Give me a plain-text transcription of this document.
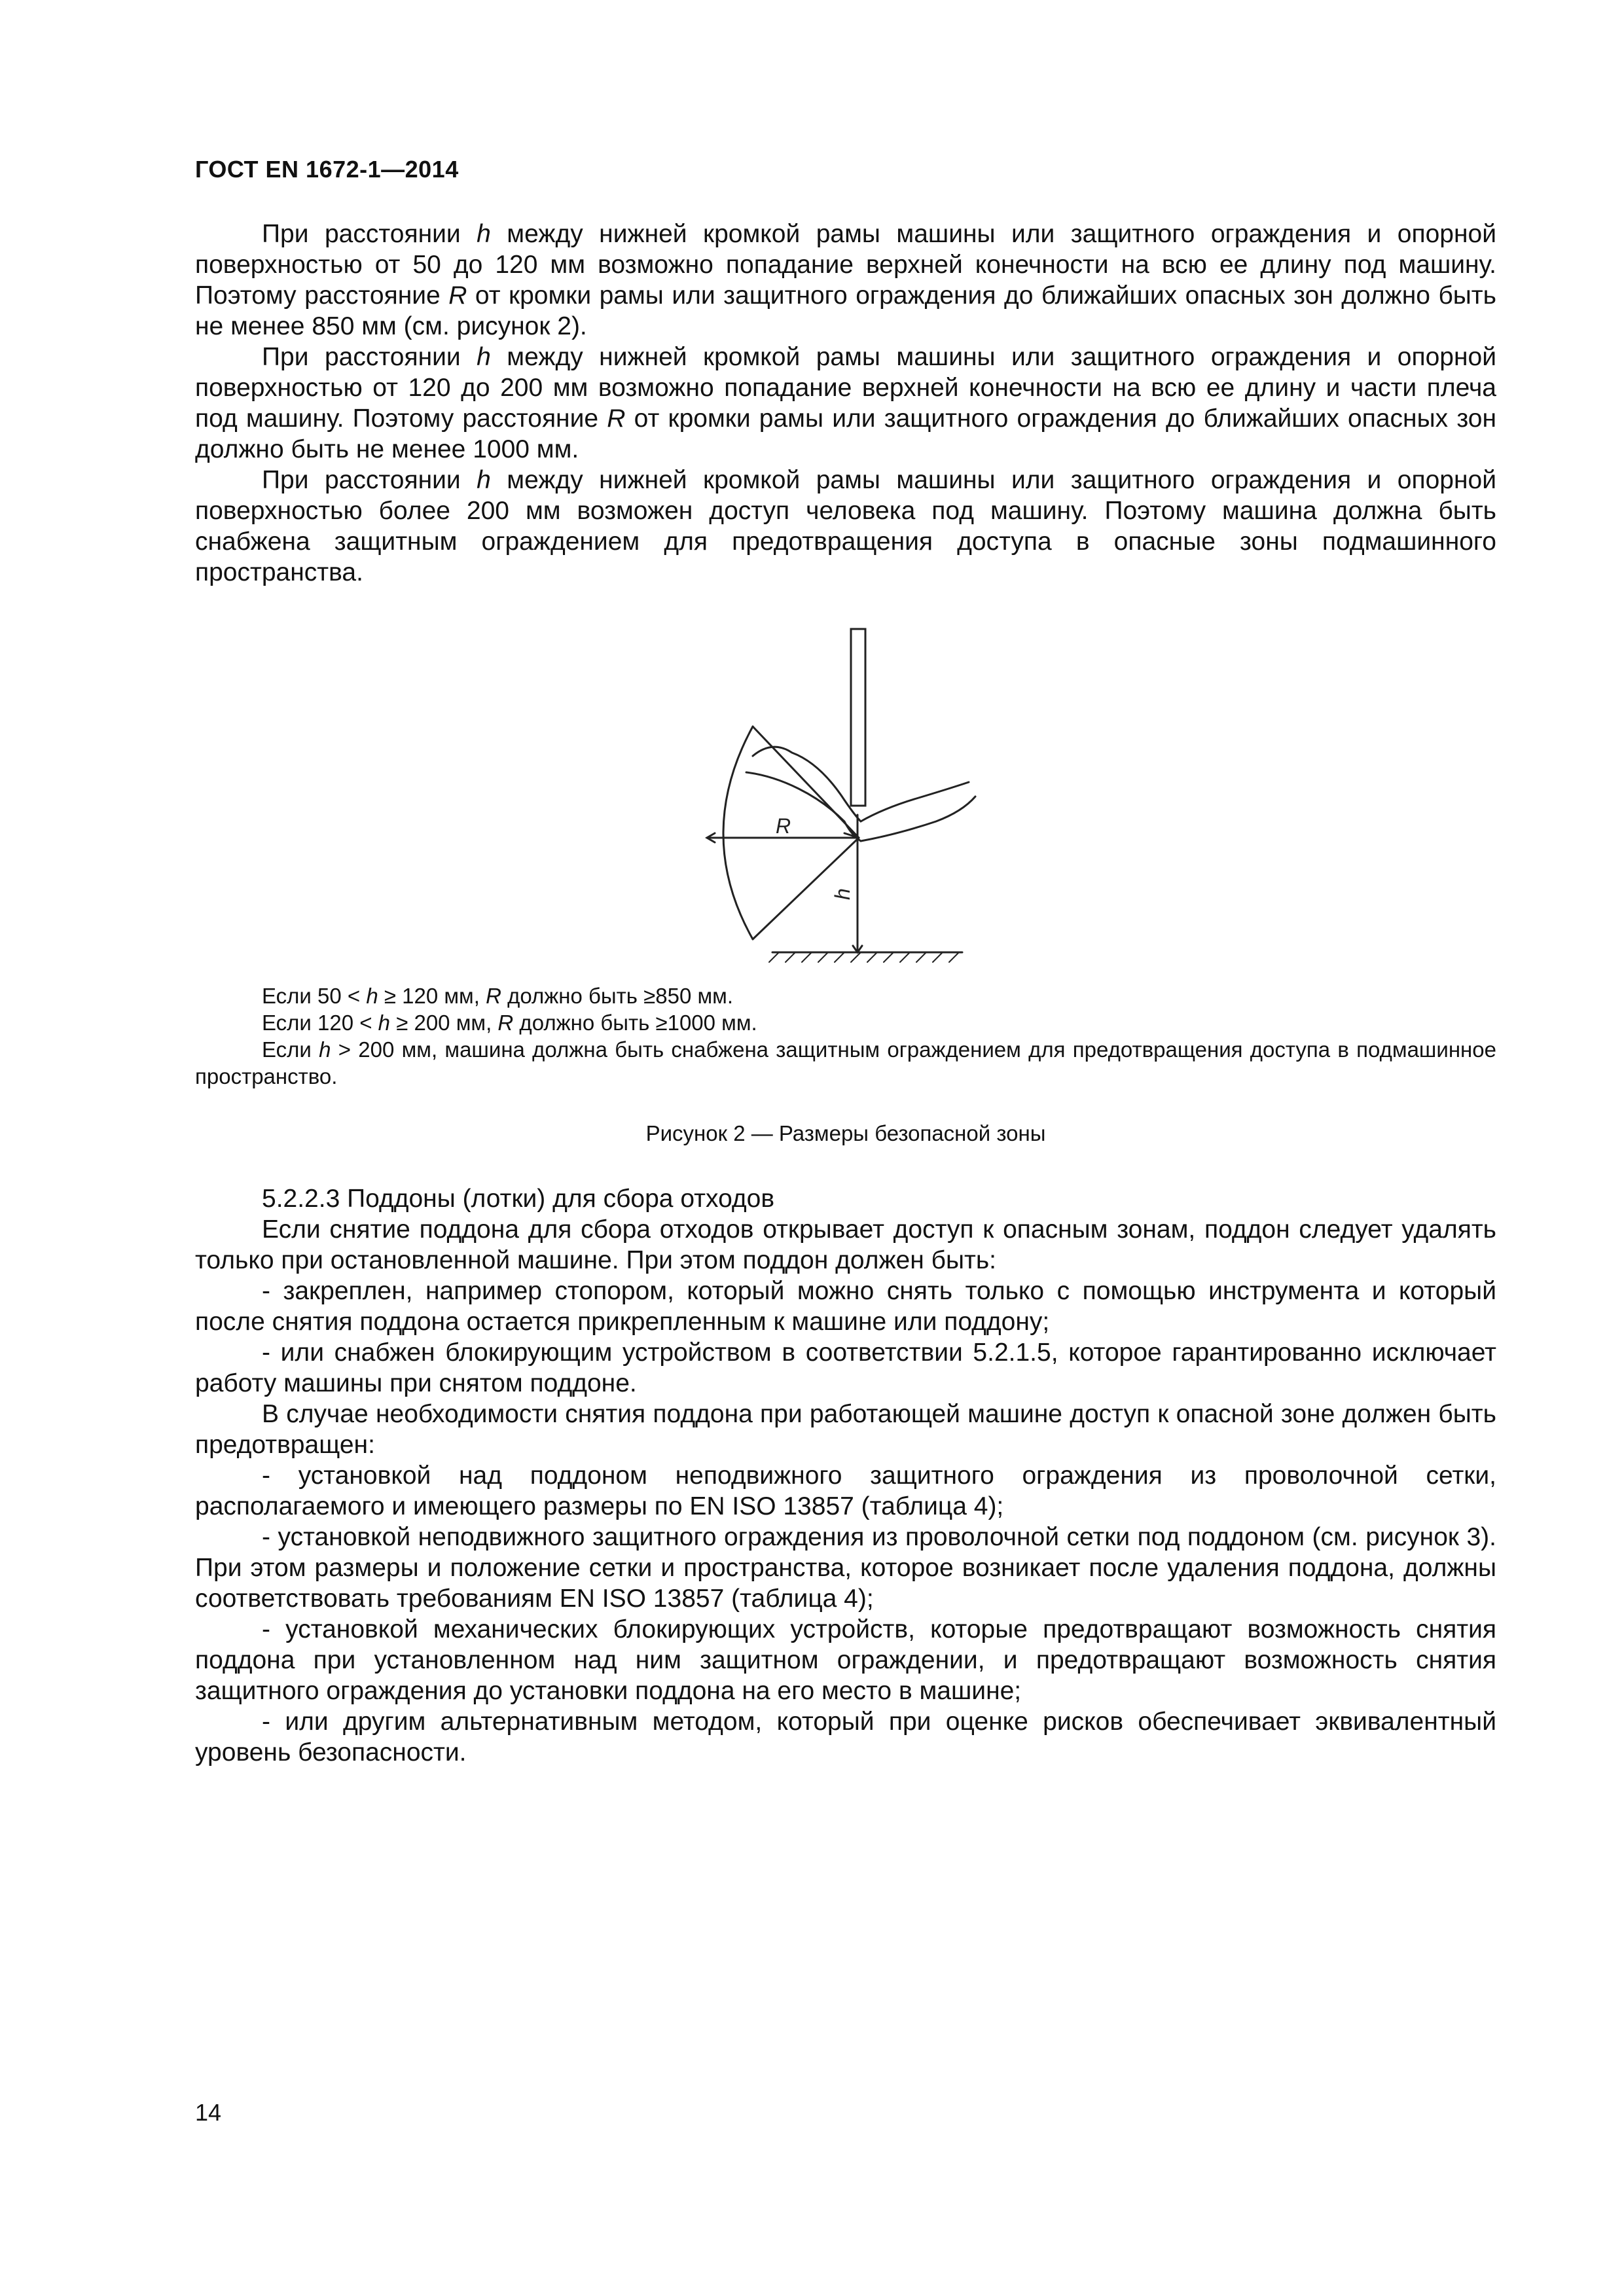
ГОСТ EN 1672-1—2014

При расстоянии h между нижней кромкой рамы машины или защитного ограждения и опорной поверхностью от 50 до 120 мм возможно попадание верхней конечности на всю ее длину под машину. Поэтому расстояние R от кромки рамы или защитного ограждения до ближайших опасных зон должно быть не менее 850 мм (см. рисунок 2).

При расстоянии h между нижней кромкой рамы машины или защитного ограждения и опорной поверхностью от 120 до 200 мм возможно попадание верхней конечности на всю ее длину и части плеча под машину. Поэтому расстояние R от кромки рамы или защитного ограждения до ближайших опасных зон должно быть не менее 1000 мм.

При расстоянии h между нижней кромкой рамы машины или защитного ограждения и опорной поверхностью более 200 мм возможен доступ человека под машину. Поэтому машина должна быть снабжена защитным ограждением для предотвращения доступа в опасные зоны подмашинного пространства.

R
h

Если 50 < h ≥ 120 мм, R должно быть ≥850 мм.

Если 120 < h ≥ 200 мм, R должно быть ≥1000 мм.

Если h > 200 мм, машина должна быть снабжена защитным ограждением для предотвращения доступа в подмашинное пространство.

Рисунок 2 — Размеры безопасной зоны

5.2.2.3 Поддоны (лотки) для сбора отходов

Если снятие поддона для сбора отходов открывает доступ к опасным зонам, поддон следует удалять только при остановленной машине. При этом поддон должен быть:

- закреплен, например стопором, который можно снять только с помощью инструмента и который после снятия поддона остается прикрепленным к машине или поддону;

- или снабжен блокирующим устройством в соответствии 5.2.1.5, которое гарантированно исключает работу машины при снятом поддоне.

В случае необходимости снятия поддона при работающей машине доступ к опасной зоне должен быть предотвращен:

- установкой над поддоном неподвижного защитного ограждения из проволочной сетки, располагаемого и имеющего размеры по EN ISO 13857 (таблица 4);

- установкой неподвижного защитного ограждения из проволочной сетки под поддоном (см. рисунок 3). При этом размеры и положение сетки и пространства, которое возникает после удаления поддона, должны соответствовать требованиям EN ISO 13857 (таблица 4);

- установкой механических блокирующих устройств, которые предотвращают возможность снятия поддона при установленном над ним защитном ограждении, и предотвращают возможность снятия защитного ограждения до установки поддона на его место в машине;

- или другим альтернативным методом, который при оценке рисков обеспечивает эквивалентный уровень безопасности.

14
